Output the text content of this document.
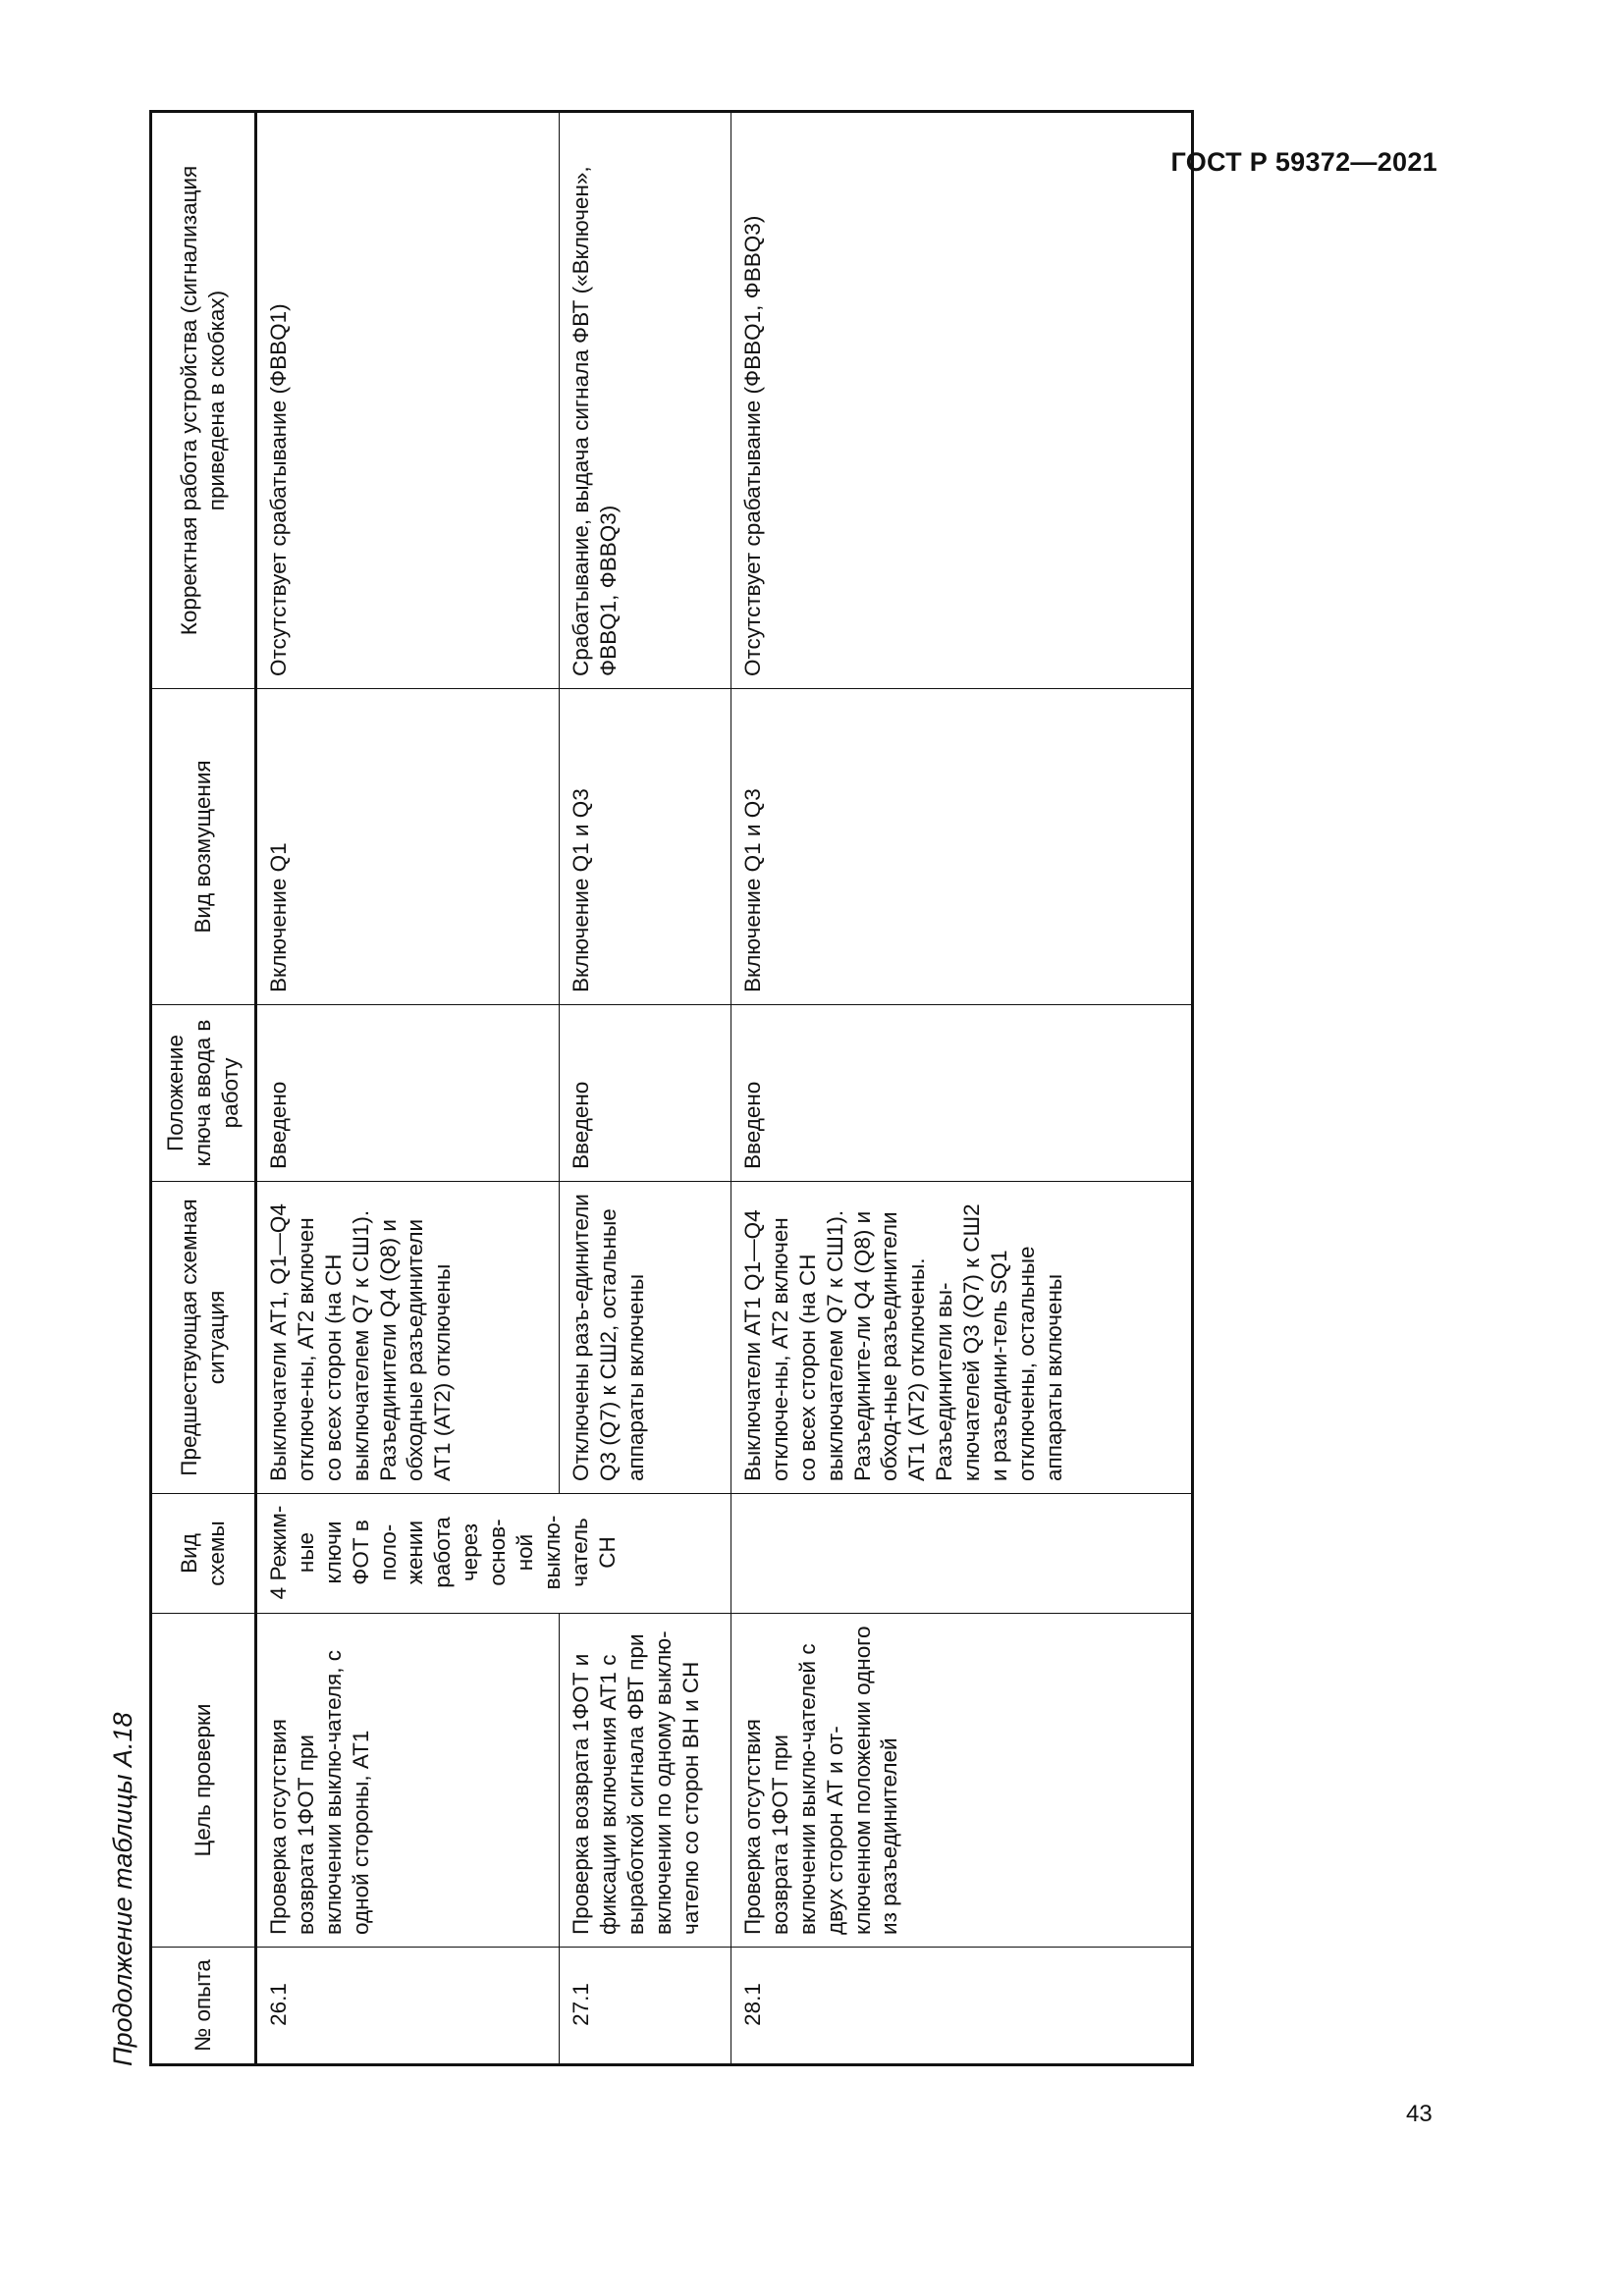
ГОСТ Р 59372—2021
Продолжение таблицы А.18 № опыта	Цель проверки	Вид схемы	Предшествующая схемная ситуация	Положение ключа ввода в работу	Вид возмущения	Корректная работа устройства (сигнализация приведена в скобках)
26.1	Проверка отсутствия возврата 1ФОТ при включении выклю-чателя, с одной стороны, АТ1	4 Режим-ные ключи ФОТ в поло-жении работа через основ-ной выклю-чатель СН	Выключатели АТ1, Q1—Q4 отключе-ны, АТ2 включен со всех сторон (на СН выключателем Q7 к СШ1). Разъединители Q4 (Q8) и обходные разъединители АТ1 (АТ2) отключены	Введено	Включение Q1	Отсутствует срабатывание (ФВВQ1)
27.1	Проверка возврата 1ФОТ и фиксации включения АТ1 с выработкой сигнала ФВТ при включении по одному выклю-чателю со сторон ВН и СН		Отключены разъ-единители Q3 (Q7) к СШ2, остальные аппараты включены	Введено	Включение Q1 и Q3	Срабатывание, выдача сигнала ФВТ («Включен», ФВВQ1, ФВВQ3)
28.1	Проверка отсутствия возврата 1ФОТ при включении выклю-чателей с двух сторон АТ и от-ключенном положении одного из разъединителей		Выключатели АТ1 Q1—Q4 отключе-ны, АТ2 включен со всех сторон (на СН выключателем Q7 к СШ1). Разъедините-ли Q4 (Q8) и обход-ные разъединители АТ1 (АТ2) отключены. Разъединители вы-ключателей Q3 (Q7) к СШ2 и разъедини-тель SQ1 отключены, остальные аппараты включены	Введено	Включение Q1 и Q3	Отсутствует срабатывание (ФВВQ1, ФВВQ3)
43
